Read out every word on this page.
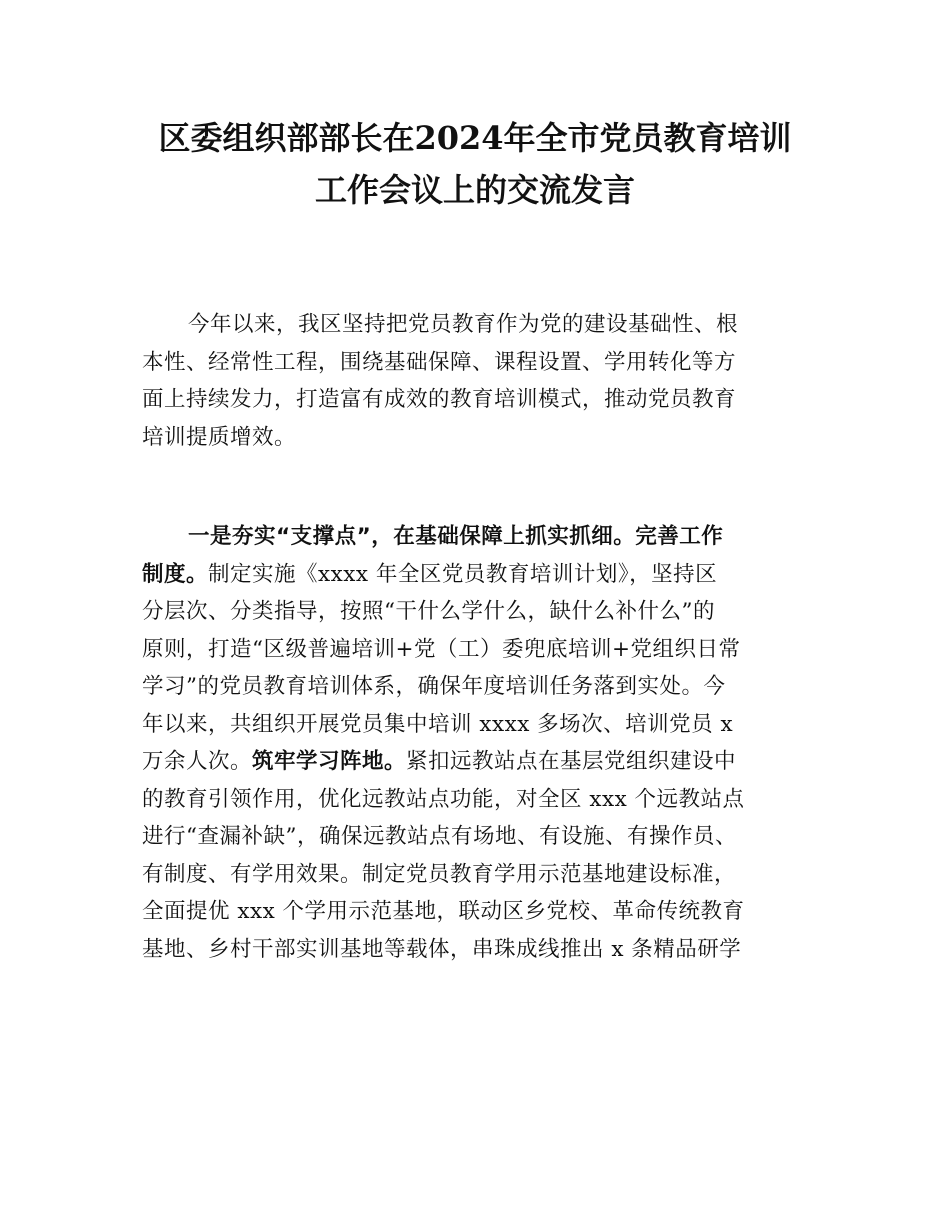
区委组织部部长在2024年全市党员教育培训
工作会议上的交流发言
今年以来，我区坚持把党员教育作为党的建设基础性、根
本性、经常性工程，围绕基础保障、课程设置、学用转化等方
面上持续发力，打造富有成效的教育培训模式，推动党员教育
培训提质增效。
一是夯实“支撑点”，在基础保障上抓实抓细。完善工作
制度。制定实施《xxxx 年全区党员教育培训计划》，坚持区
分层次、分类指导，按照“干什么学什么，缺什么补什么”的
原则，打造“区级普遍培训+党（工）委兜底培训+党组织日常
学习”的党员教育培训体系，确保年度培训任务落到实处。今
年以来，共组织开展党员集中培训 xxxx 多场次、培训党员 x
万余人次。筑牢学习阵地。紧扣远教站点在基层党组织建设中
的教育引领作用，优化远教站点功能，对全区 xxx 个远教站点
进行“查漏补缺”，确保远教站点有场地、有设施、有操作员、
有制度、有学用效果。制定党员教育学用示范基地建设标准，
全面提优 xxx 个学用示范基地，联动区乡党校、革命传统教育
基地、乡村干部实训基地等载体，串珠成线推出 x 条精品研学
